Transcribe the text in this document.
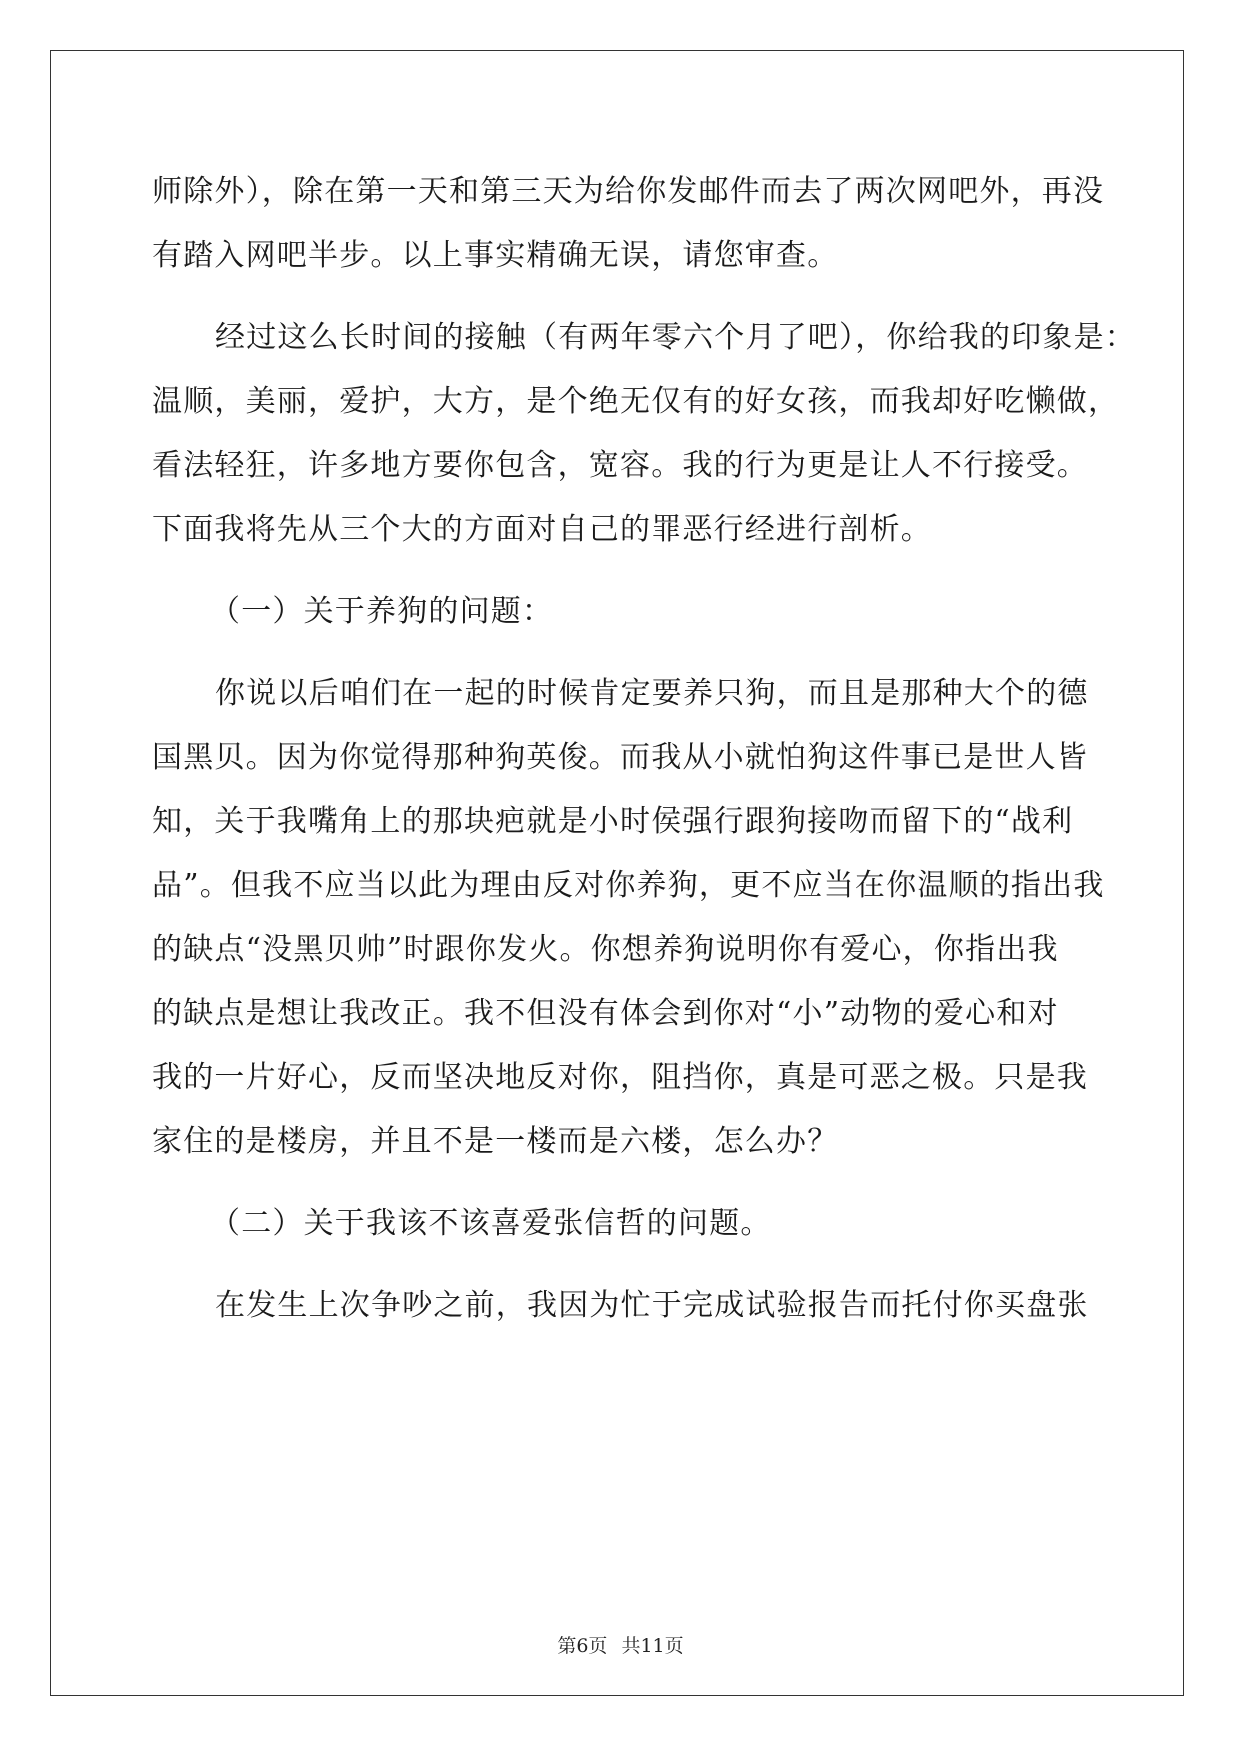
师除外），除在第一天和第三天为给你发邮件而去了两次网吧外，再没
有踏入网吧半步。以上事实精确无误，请您审查。
经过这么长时间的接触（有两年零六个月了吧），你给我的印象是：
温顺，美丽，爱护，大方，是个绝无仅有的好女孩，而我却好吃懒做，
看法轻狂，许多地方要你包含，宽容。我的行为更是让人不行接受。
下面我将先从三个大的方面对自己的罪恶行经进行剖析。
（一）关于养狗的问题：
你说以后咱们在一起的时候肯定要养只狗，而且是那种大个的德
国黑贝。因为你觉得那种狗英俊。而我从小就怕狗这件事已是世人皆
知，关于我嘴角上的那块疤就是小时侯强行跟狗接吻而留下的“战利
品”。但我不应当以此为理由反对你养狗，更不应当在你温顺的指出我
的缺点“没黑贝帅”时跟你发火。你想养狗说明你有爱心，你指出我
的缺点是想让我改正。我不但没有体会到你对“小”动物的爱心和对
我的一片好心，反而坚决地反对你，阻挡你，真是可恶之极。只是我
家住的是楼房，并且不是一楼而是六楼，怎么办？
（二）关于我该不该喜爱张信哲的问题。
在发生上次争吵之前，我因为忙于完成试验报告而托付你买盘张
第6页 共11页
